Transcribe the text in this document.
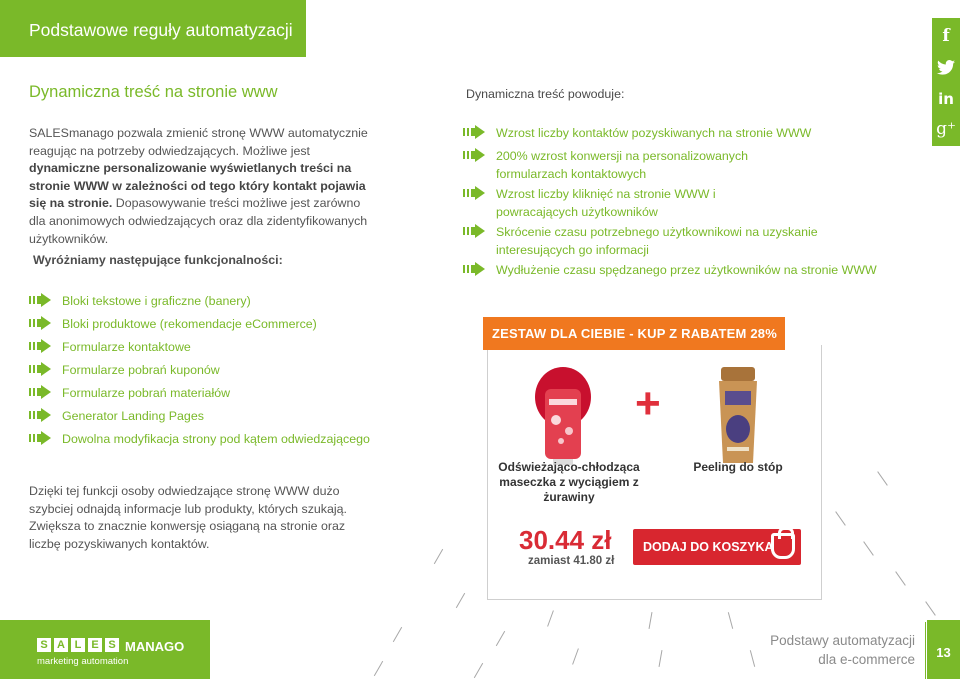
Podstawowe reguły automatyzacji	f
in
g⁺
Dynamiczna treść na stronie www
SALESmanago pozwala zmienić stronę WWW automatycznie reagując na potrzeby odwiedzających. Możliwe jest dynamiczne personalizowanie wyświetlanych treści na stronie WWW w zależności od tego który kontakt pojawia się na stronie. Dopasowywanie treści możliwe jest zarówno dla anonimowych odwiedzających oraz dla zidentyfikowanych użytkowników.
Wyróżniamy następujące funkcjonalności:
Bloki tekstowe i graficzne (banery)
Bloki produktowe (rekomendacje eCommerce)
Formularze kontaktowe
Formularze pobrań kuponów
Formularze pobrań materiałów
Generator Landing Pages
Dowolna modyfikacja strony pod kątem odwiedzającego
Dzięki tej funkcji osoby odwiedzające stronę WWW dużo szybciej odnajdą informacje lub produkty, których szukają. Zwiększa to znacznie konwersję osiąganą na stronie oraz liczbę pozyskiwanych kontaktów.
Dynamiczna treść powoduje:
Wzrost liczby kontaktów pozyskiwanych na stronie WWW
200% wzrost konwersji na personalizowanych formularzach kontaktowych
Wzrost liczby kliknięć na stronie WWW i powracających użytkowników
Skrócenie czasu potrzebnego użytkownikowi na uzyskanie interesujących go informacji
Wydłużenie czasu spędzanego przez użytkowników na stronie WWW
ZESTAW DLA CIEBIE - KUP Z RABATEM 28%
+
Odświeżająco-chłodząca maseczka z wyciągiem z żurawiny
Peeling do stóp
30.44 zł
zamiast 41.80 zł
DODAJ DO KOSZYKA
S A L E S MANAGO
marketing automation
Podstawy automatyzacji
dla e-commerce	13
